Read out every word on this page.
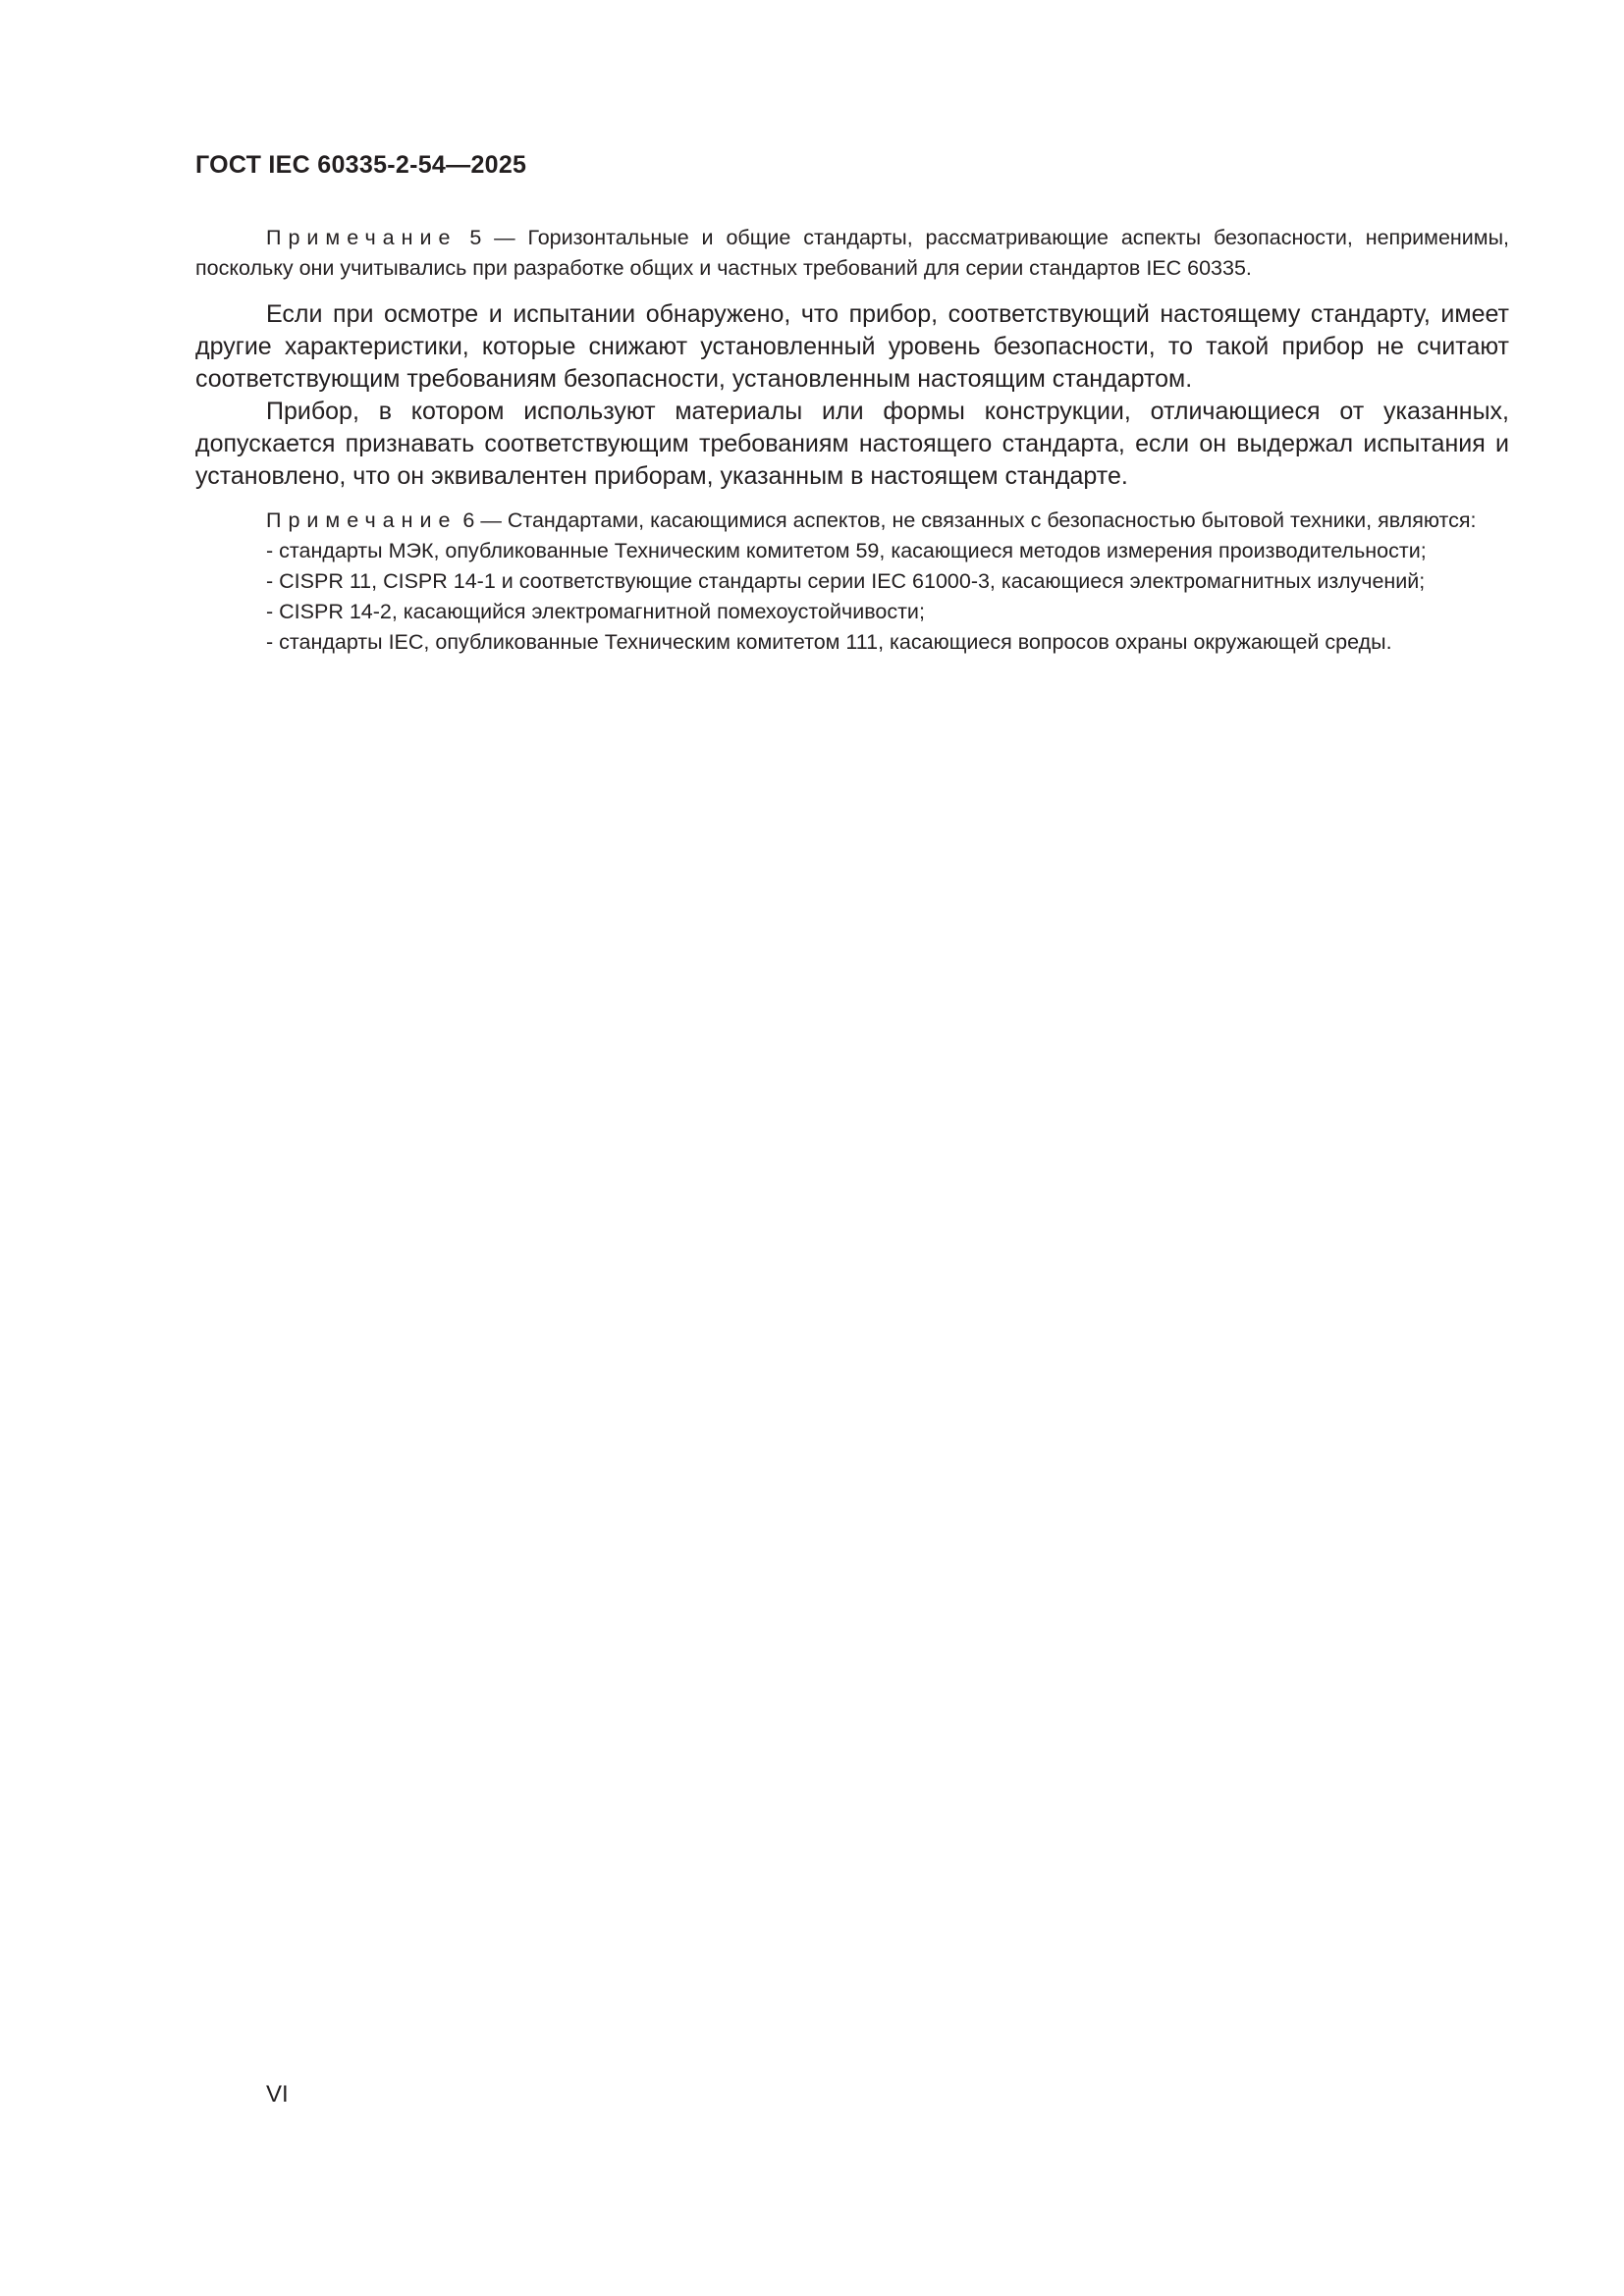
ГОСТ IEC 60335-2-54—2025

Примечание 5 — Горизонтальные и общие стандарты, рассматривающие аспекты безопасности, неприменимы, поскольку они учитывались при разработке общих и частных требований для серии стандартов IEC 60335.

Если при осмотре и испытании обнаружено, что прибор, соответствующий настоящему стандарту, имеет другие характеристики, которые снижают установленный уровень безопасности, то такой прибор не считают соответствующим требованиям безопасности, установленным настоящим стандартом.

Прибор, в котором используют материалы или формы конструкции, отличающиеся от указанных, допускается признавать соответствующим требованиям настоящего стандарта, если он выдержал испытания и установлено, что он эквивалентен приборам, указанным в настоящем стандарте.

Примечание 6 — Стандартами, касающимися аспектов, не связанных с безопасностью бытовой техники, являются:

- стандарты МЭК, опубликованные Техническим комитетом 59, касающиеся методов измерения производительности;

- CISPR 11, CISPR 14-1 и соответствующие стандарты серии IEC 61000-3, касающиеся электромагнитных излучений;

- CISPR 14-2, касающийся электромагнитной помехоустойчивости;

- стандарты IEC, опубликованные Техническим комитетом 111, касающиеся вопросов охраны окружающей среды.

VI
